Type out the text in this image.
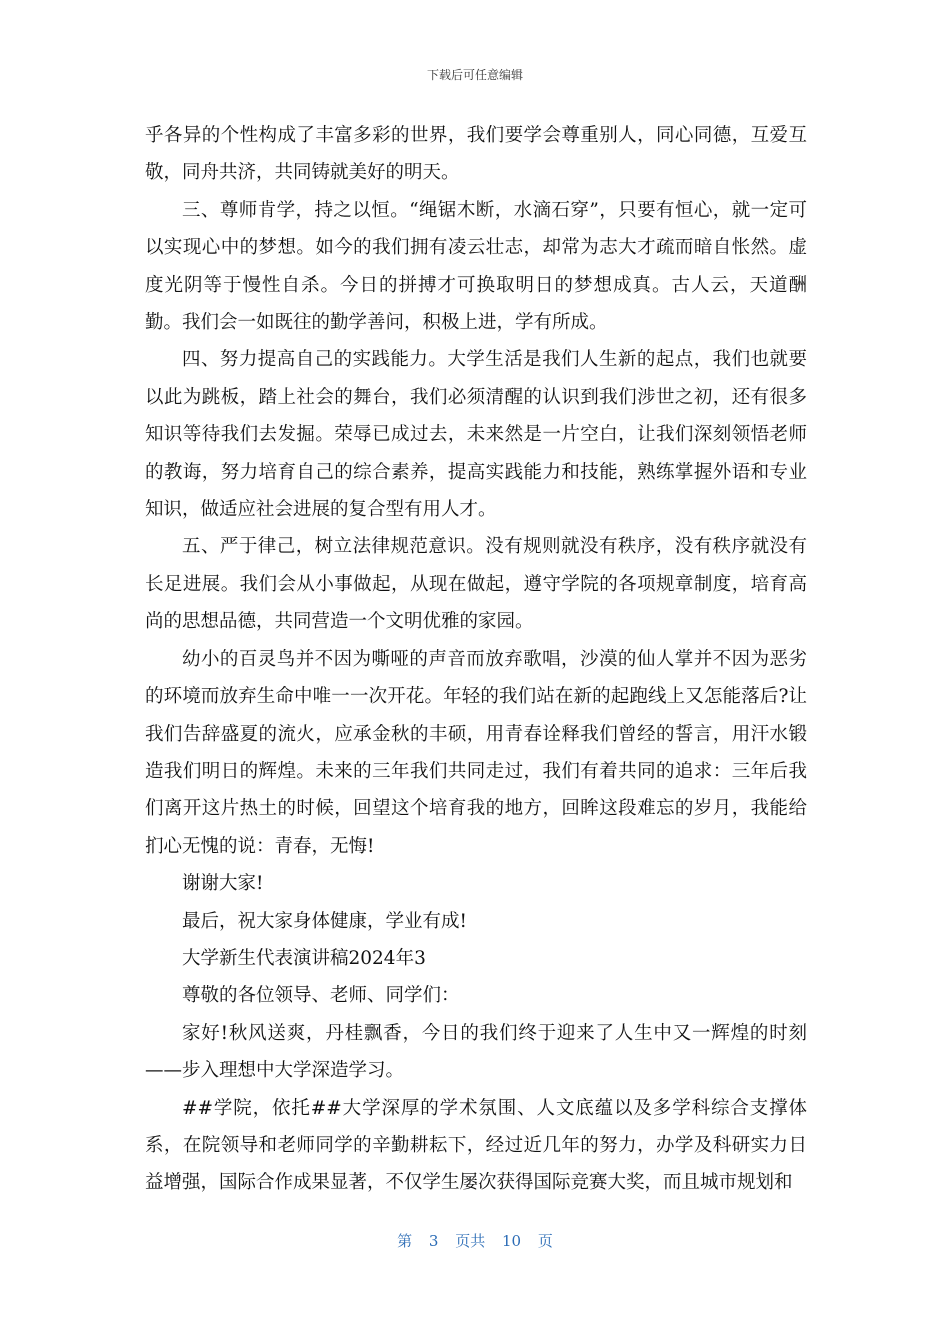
下载后可任意编辑

乎各异的个性构成了丰富多彩的世界，我们要学会尊重别人，同心同德，互爱互敬，同舟共济，共同铸就美好的明天。

三、尊师肯学，持之以恒。“绳锯木断，水滴石穿”，只要有恒心，就一定可以实现心中的梦想。如今的我们拥有凌云壮志，却常为志大才疏而暗自怅然。虚度光阴等于慢性自杀。今日的拼搏才可换取明日的梦想成真。古人云，天道酬勤。我们会一如既往的勤学善问，积极上进，学有所成。

四、努力提高自己的实践能力。大学生活是我们人生新的起点，我们也就要以此为跳板，踏上社会的舞台，我们必须清醒的认识到我们涉世之初，还有很多知识等待我们去发掘。荣辱已成过去，未来然是一片空白，让我们深刻领悟老师的教诲，努力培育自己的综合素养，提高实践能力和技能，熟练掌握外语和专业知识，做适应社会进展的复合型有用人才。

五、严于律己，树立法律规范意识。没有规则就没有秩序，没有秩序就没有长足进展。我们会从小事做起，从现在做起，遵守学院的各项规章制度，培育高尚的思想品德，共同营造一个文明优雅的家园。

幼小的百灵鸟并不因为嘶哑的声音而放弃歌唱，沙漠的仙人掌并不因为恶劣的环境而放弃生命中唯一一次开花。年轻的我们站在新的起跑线上又怎能落后?让我们告辞盛夏的流火，应承金秋的丰硕，用青春诠释我们曾经的誓言，用汗水锻造我们明日的辉煌。未来的三年我们共同走过，我们有着共同的追求：三年后我们离开这片热土的时候，回望这个培育我的地方，回眸这段难忘的岁月，我能给扪心无愧的说：青春，无悔!

谢谢大家!

最后，祝大家身体健康，学业有成!

大学新生代表演讲稿2024年3

尊敬的各位领导、老师、同学们：

家好!秋风送爽，丹桂飘香，今日的我们终于迎来了人生中又一辉煌的时刻——步入理想中大学深造学习。

##学院，依托##大学深厚的学术氛围、人文底蕴以及多学科综合支撑体系，在院领导和老师同学的辛勤耕耘下，经过近几年的努力，办学及科研实力日益增强，国际合作成果显著，不仅学生屡次获得国际竞赛大奖，而且城市规划和

第 3 页共 10 页
